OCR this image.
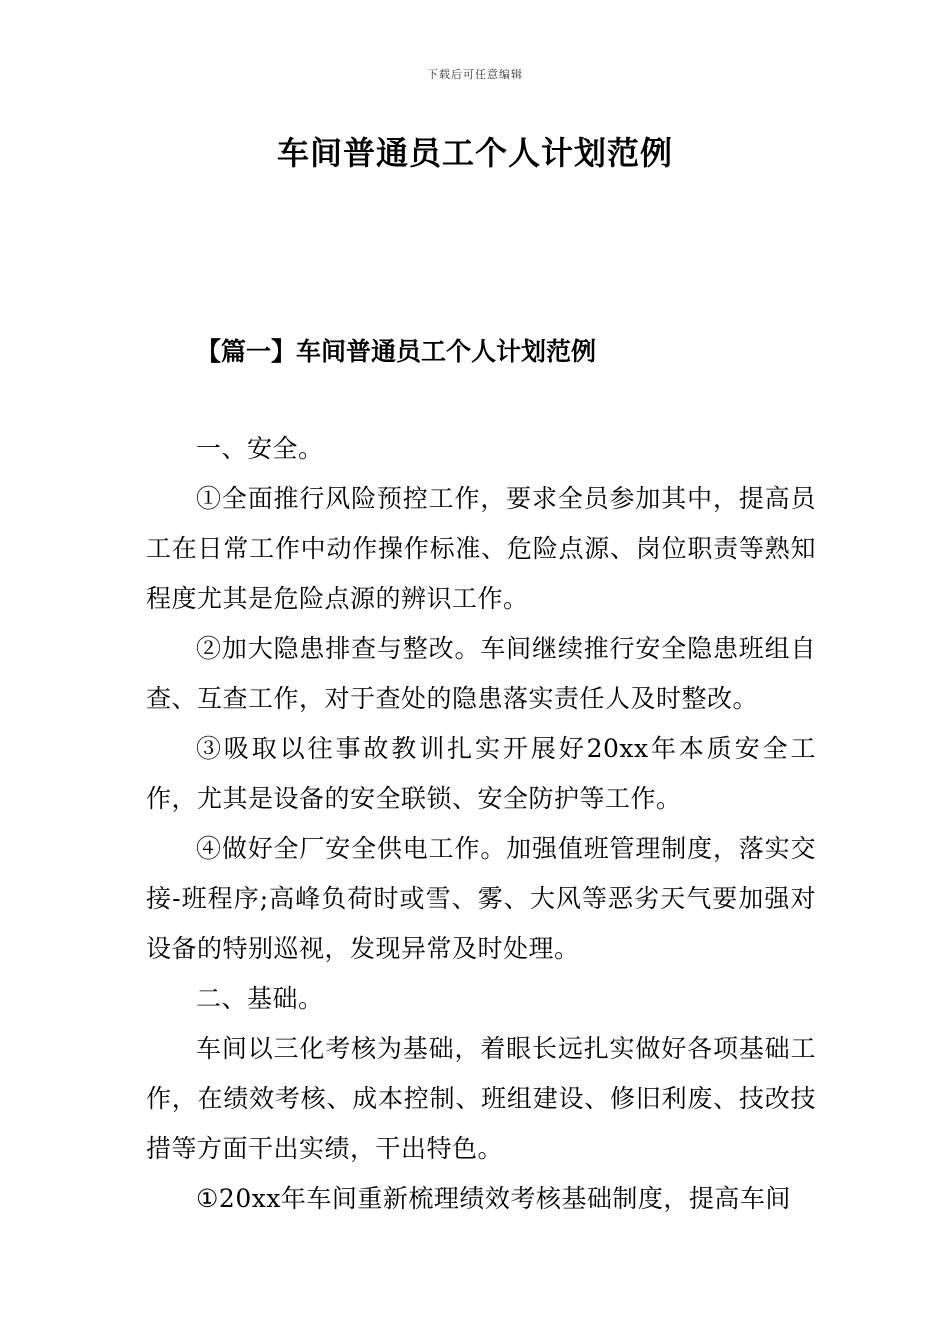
下载后可任意编辑
车间普通员工个人计划范例
【篇一】车间普通员工个人计划范例

一、安全。

①全面推行风险预控工作，要求全员参加其中，提高员工在日常工作中动作操作标准、危险点源、岗位职责等熟知程度尤其是危险点源的辨识工作。

②加大隐患排查与整改。车间继续推行安全隐患班组自查、互查工作，对于查处的隐患落实责任人及时整改。

③吸取以往事故教训扎实开展好20xx年本质安全工作，尤其是设备的安全联锁、安全防护等工作。

④做好全厂安全供电工作。加强值班管理制度，落实交接-班程序;高峰负荷时或雪、雾、大风等恶劣天气要加强对设备的特别巡视，发现异常及时处理。

二、基础。

车间以三化考核为基础，着眼长远扎实做好各项基础工作，在绩效考核、成本控制、班组建设、修旧利废、技改技措等方面干出实绩，干出特色。

①20xx年车间重新梳理绩效考核基础制度，提高车间
